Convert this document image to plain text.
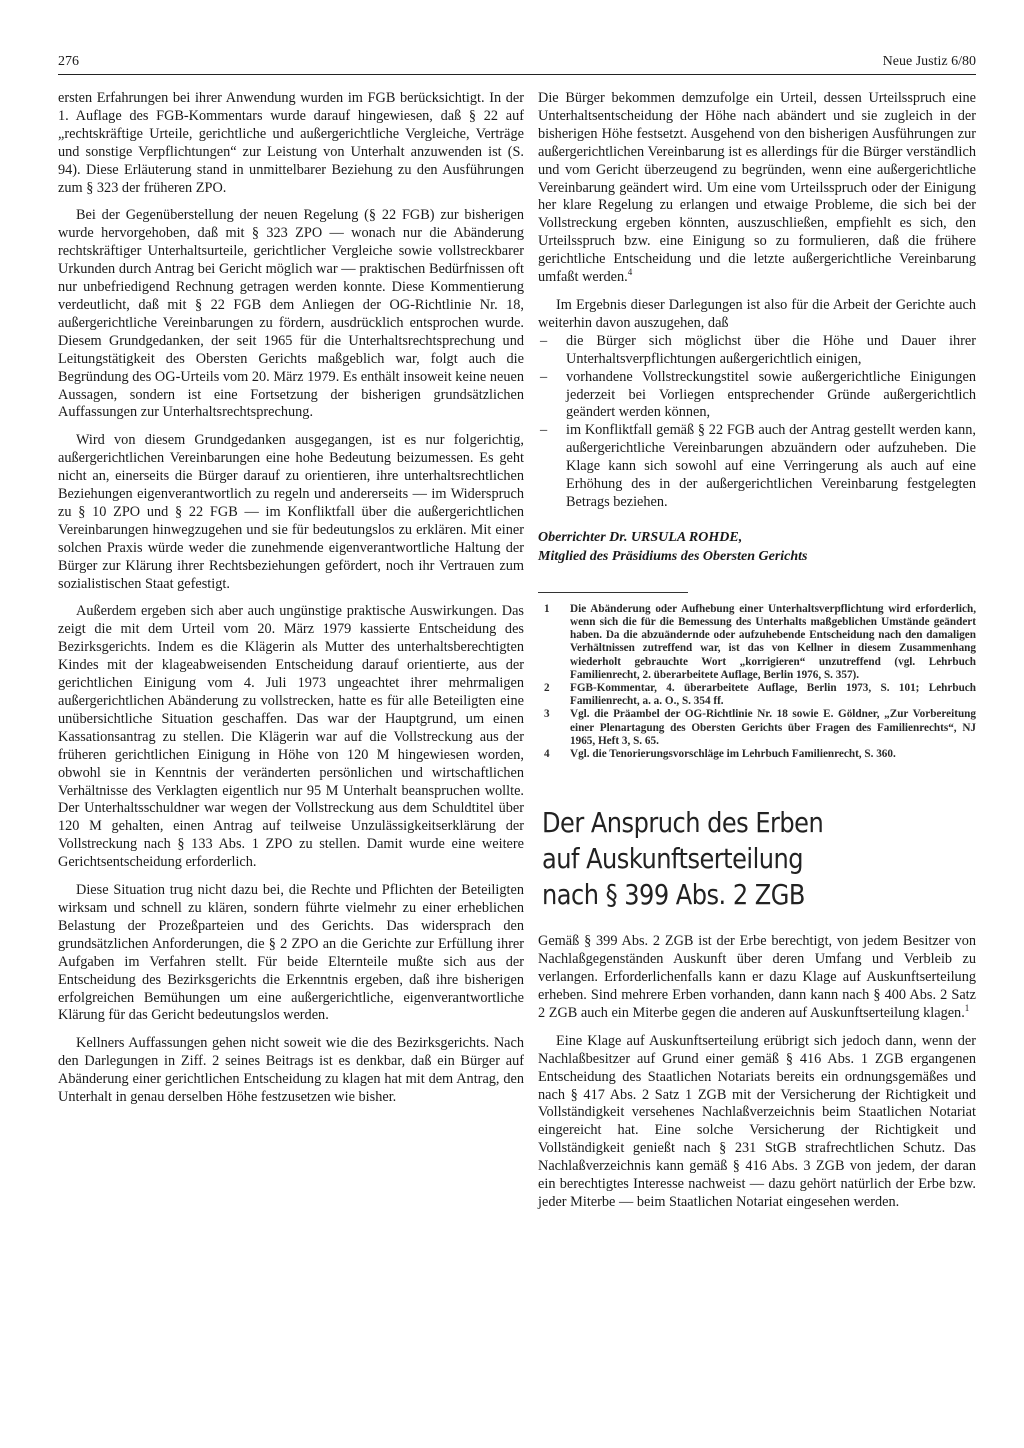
276	Neue Justiz 6/80

ersten Erfahrungen bei ihrer Anwendung wurden im FGB berücksichtigt. In der 1. Auflage des FGB-Kommentars wurde darauf hingewiesen, daß § 22 auf „rechtskräftige Urteile, gerichtliche und außergerichtliche Vergleiche, Verträge und sonstige Verpflichtungen“ zur Leistung von Unterhalt anzuwenden ist (S. 94). Diese Erläuterung stand in unmittelbarer Beziehung zu den Ausführungen zum § 323 der früheren ZPO.

Bei der Gegenüberstellung der neuen Regelung (§ 22 FGB) zur bisherigen wurde hervorgehoben, daß mit § 323 ZPO — wonach nur die Abänderung rechtskräftiger Unterhaltsurteile, gerichtlicher Vergleiche sowie vollstreckbarer Urkunden durch Antrag bei Gericht möglich war — praktischen Bedürfnissen oft nur unbefriedigend Rechnung getragen werden konnte. Diese Kommentierung verdeutlicht, daß mit § 22 FGB dem Anliegen der OG-Richtlinie Nr. 18, außergerichtliche Vereinbarungen zu fördern, ausdrücklich entsprochen wurde. Diesem Grundgedanken, der seit 1965 für die Unterhaltsrechtsprechung und Leitungstätigkeit des Obersten Gerichts maßgeblich war, folgt auch die Begründung des OG-Urteils vom 20. März 1979. Es enthält insoweit keine neuen Aussagen, sondern ist eine Fortsetzung der bisherigen grundsätzlichen Auffassungen zur Unterhaltsrechtsprechung.

Wird von diesem Grundgedanken ausgegangen, ist es nur folgerichtig, außergerichtlichen Vereinbarungen eine hohe Bedeutung beizumessen. Es geht nicht an, einerseits die Bürger darauf zu orientieren, ihre unterhaltsrechtlichen Beziehungen eigenverantwortlich zu regeln und andererseits — im Widerspruch zu § 10 ZPO und § 22 FGB — im Konfliktfall über die außergerichtlichen Vereinbarungen hinwegzugehen und sie für bedeutungslos zu erklären. Mit einer solchen Praxis würde weder die zunehmende eigenverantwortliche Haltung der Bürger zur Klärung ihrer Rechtsbeziehungen gefördert, noch ihr Vertrauen zum sozialistischen Staat gefestigt.

Außerdem ergeben sich aber auch ungünstige praktische Auswirkungen. Das zeigt die mit dem Urteil vom 20. März 1979 kassierte Entscheidung des Bezirksgerichts. Indem es die Klägerin als Mutter des unterhaltsberechtigten Kindes mit der klageabweisenden Entscheidung darauf orientierte, aus der gerichtlichen Einigung vom 4. Juli 1973 ungeachtet ihrer mehrmaligen außergerichtlichen Abänderung zu vollstrecken, hatte es für alle Beteiligten eine unübersichtliche Situation geschaffen. Das war der Hauptgrund, um einen Kassationsantrag zu stellen. Die Klägerin war auf die Vollstreckung aus der früheren gerichtlichen Einigung in Höhe von 120 M hingewiesen worden, obwohl sie in Kenntnis der veränderten persönlichen und wirtschaftlichen Verhältnisse des Verklagten eigentlich nur 95 M Unterhalt beanspruchen wollte. Der Unterhaltsschuldner war wegen der Vollstreckung aus dem Schuldtitel über 120 M gehalten, einen Antrag auf teilweise Unzulässigkeitserklärung der Vollstreckung nach § 133 Abs. 1 ZPO zu stellen. Damit wurde eine weitere Gerichtsentscheidung erforderlich.

Diese Situation trug nicht dazu bei, die Rechte und Pflichten der Beteiligten wirksam und schnell zu klären, sondern führte vielmehr zu einer erheblichen Belastung der Prozeßparteien und des Gerichts. Das widersprach den grundsätzlichen Anforderungen, die § 2 ZPO an die Gerichte zur Erfüllung ihrer Aufgaben im Verfahren stellt. Für beide Elternteile mußte sich aus der Entscheidung des Bezirksgerichts die Erkenntnis ergeben, daß ihre bisherigen erfolgreichen Bemühungen um eine außergerichtliche, eigenverantwortliche Klärung für das Gericht bedeutungslos werden.

Kellners Auffassungen gehen nicht soweit wie die des Bezirksgerichts. Nach den Darlegungen in Ziff. 2 seines Beitrags ist es denkbar, daß ein Bürger auf Abänderung einer gerichtlichen Entscheidung zu klagen hat mit dem Antrag, den Unterhalt in genau derselben Höhe festzusetzen wie bisher.

Die Bürger bekommen demzufolge ein Urteil, dessen Urteilsspruch eine Unterhaltsentscheidung der Höhe nach abändert und sie zugleich in der bisherigen Höhe festsetzt. Ausgehend von den bisherigen Ausführungen zur außergerichtlichen Vereinbarung ist es allerdings für die Bürger verständlich und vom Gericht überzeugend zu begründen, wenn eine außergerichtliche Vereinbarung geändert wird. Um eine vom Urteilsspruch oder der Einigung her klare Regelung zu erlangen und etwaige Probleme, die sich bei der Vollstreckung ergeben könnten, auszuschließen, empfiehlt es sich, den Urteilsspruch bzw. eine Einigung so zu formulieren, daß die frühere gerichtliche Entscheidung und die letzte außergerichtliche Vereinbarung umfaßt werden.$^4$

Im Ergebnis dieser Darlegungen ist also für die Arbeit der Gerichte auch weiterhin davon auszugehen, daß

– die Bürger sich möglichst über die Höhe und Dauer ihrer Unterhaltsverpflichtungen außergerichtlich einigen,
– vorhandene Vollstreckungstitel sowie außergerichtliche Einigungen jederzeit bei Vorliegen entsprechender Gründe außergerichtlich geändert werden können,
– im Konfliktfall gemäß § 22 FGB auch der Antrag gestellt werden kann, außergerichtliche Vereinbarungen abzuändern oder aufzuheben. Die Klage kann sich sowohl auf eine Verringerung als auch auf eine Erhöhung des in der außergerichtlichen Vereinbarung festgelegten Betrags beziehen.
Oberrichter Dr. URSULA ROHDE,
Mitglied des Präsidiums des Obersten Gerichts
1 Die Abänderung oder Aufhebung einer Unterhaltsverpflichtung wird erforderlich, wenn sich die für die Bemessung des Unterhalts maßgeblichen Umstände geändert haben. Da die abzuändernde oder aufzuhebende Entscheidung nach den damaligen Verhältnissen zutreffend war, ist das von Kellner in diesem Zusammenhang wiederholt gebrauchte Wort „korrigieren“ unzutreffend (vgl. Lehrbuch Familienrecht, 2. überarbeitete Auflage, Berlin 1976, S. 357).
2 FGB-Kommentar, 4. überarbeitete Auflage, Berlin 1973, S. 101; Lehrbuch Familienrecht, a. a. O., S. 354 ff.
3 Vgl. die Präambel der OG-Richtlinie Nr. 18 sowie E. Göldner, „Zur Vorbereitung einer Plenartagung des Obersten Gerichts über Fragen des Familienrechts“, NJ 1965, Heft 3, S. 65.
4 Vgl. die Tenorierungsvorschläge im Lehrbuch Familienrecht, S. 360.
Der Anspruch des Erben
auf Auskunftserteilung
nach § 399 Abs. 2 ZGB

Gemäß § 399 Abs. 2 ZGB ist der Erbe berechtigt, von jedem Besitzer von Nachlaßgegenständen Auskunft über deren Umfang und Verbleib zu verlangen. Erforderlichenfalls kann er dazu Klage auf Auskunftserteilung erheben. Sind mehrere Erben vorhanden, dann kann nach § 400 Abs. 2 Satz 2 ZGB auch ein Miterbe gegen die anderen auf Auskunftserteilung klagen.$^1$

Eine Klage auf Auskunftserteilung erübrigt sich jedoch dann, wenn der Nachlaßbesitzer auf Grund einer gemäß § 416 Abs. 1 ZGB ergangenen Entscheidung des Staatlichen Notariats bereits ein ordnungsgemäßes und nach § 417 Abs. 2 Satz 1 ZGB mit der Versicherung der Richtigkeit und Vollständigkeit versehenes Nachlaßverzeichnis beim Staatlichen Notariat eingereicht hat. Eine solche Versicherung der Richtigkeit und Vollständigkeit genießt nach § 231 StGB strafrechtlichen Schutz. Das Nachlaßverzeichnis kann gemäß § 416 Abs. 3 ZGB von jedem, der daran ein berechtigtes Interesse nachweist — dazu gehört natürlich der Erbe bzw. jeder Miterbe — beim Staatlichen Notariat eingesehen werden.
